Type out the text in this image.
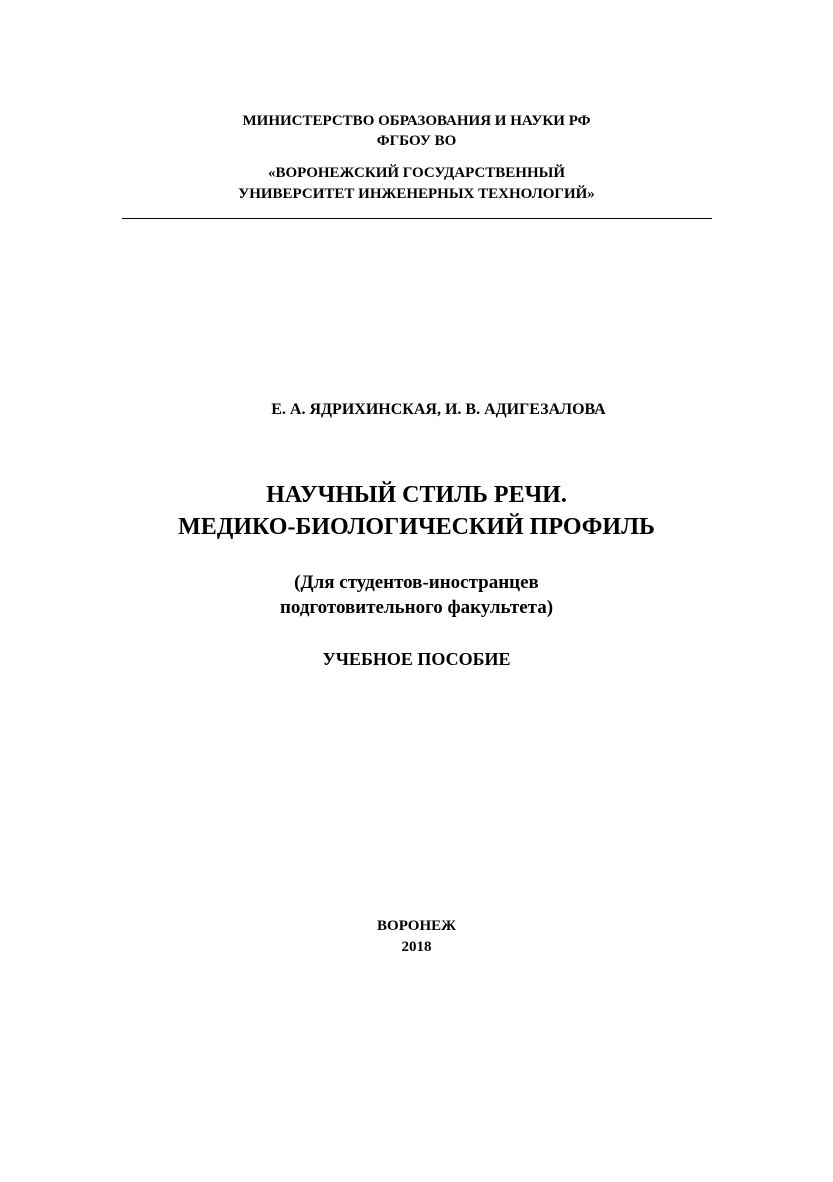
МИНИСТЕРСТВО ОБРАЗОВАНИЯ И НАУКИ РФ
ФГБОУ ВО
«ВОРОНЕЖСКИЙ ГОСУДАРСТВЕННЫЙ
УНИВЕРСИТЕТ ИНЖЕНЕРНЫХ ТЕХНОЛОГИЙ»
Е. А. ЯДРИХИНСКАЯ, И. В. АДИГЕЗАЛОВА
НАУЧНЫЙ СТИЛЬ РЕЧИ.
МЕДИКО-БИОЛОГИЧЕСКИЙ ПРОФИЛЬ
(Для студентов-иностранцев
подготовительного факультета)
УЧЕБНОЕ ПОСОБИЕ
ВОРОНЕЖ
2018
